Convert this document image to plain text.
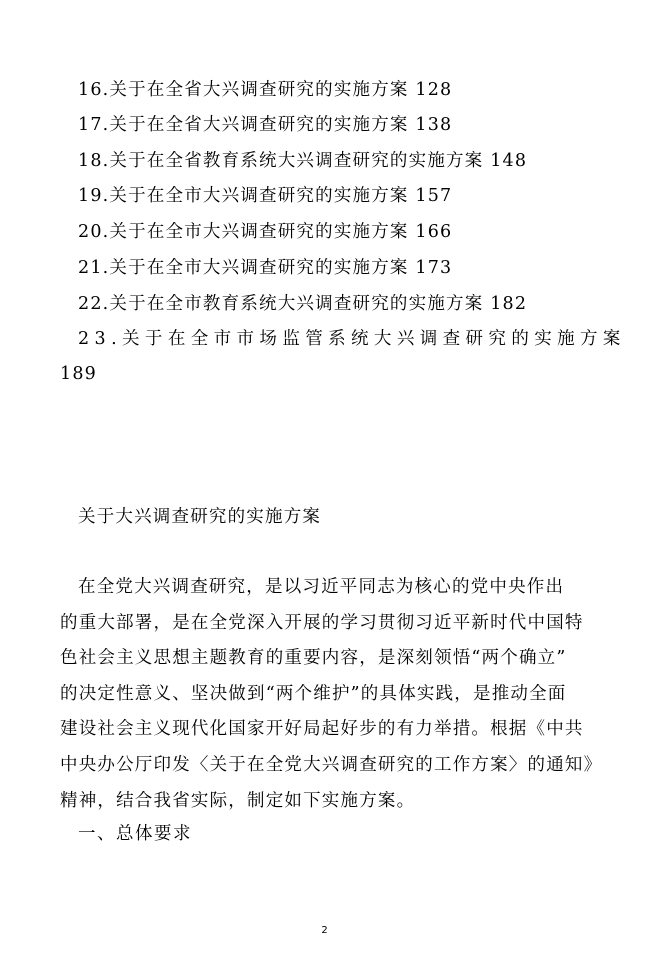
16.关于在全省大兴调查研究的实施方案 128
17.关于在全省大兴调查研究的实施方案 138
18.关于在全省教育系统大兴调查研究的实施方案 148
19.关于在全市大兴调查研究的实施方案 157
20.关于在全市大兴调查研究的实施方案 166
21.关于在全市大兴调查研究的实施方案 173
22.关于在全市教育系统大兴调查研究的实施方案 182
23.关于在全市市场监管系统大兴调查研究的实施方案
189
关于大兴调查研究的实施方案
在全党大兴调查研究，是以习近平同志为核心的党中央作出
的重大部署，是在全党深入开展的学习贯彻习近平新时代中国特
色社会主义思想主题教育的重要内容，是深刻领悟“两个确立”
的决定性意义、坚决做到“两个维护”的具体实践，是推动全面
建设社会主义现代化国家开好局起好步的有力举措。根据《中共
中央办公厅印发〈关于在全党大兴调查研究的工作方案〉的通知》
精神，结合我省实际，制定如下实施方案。
一、总体要求
2
